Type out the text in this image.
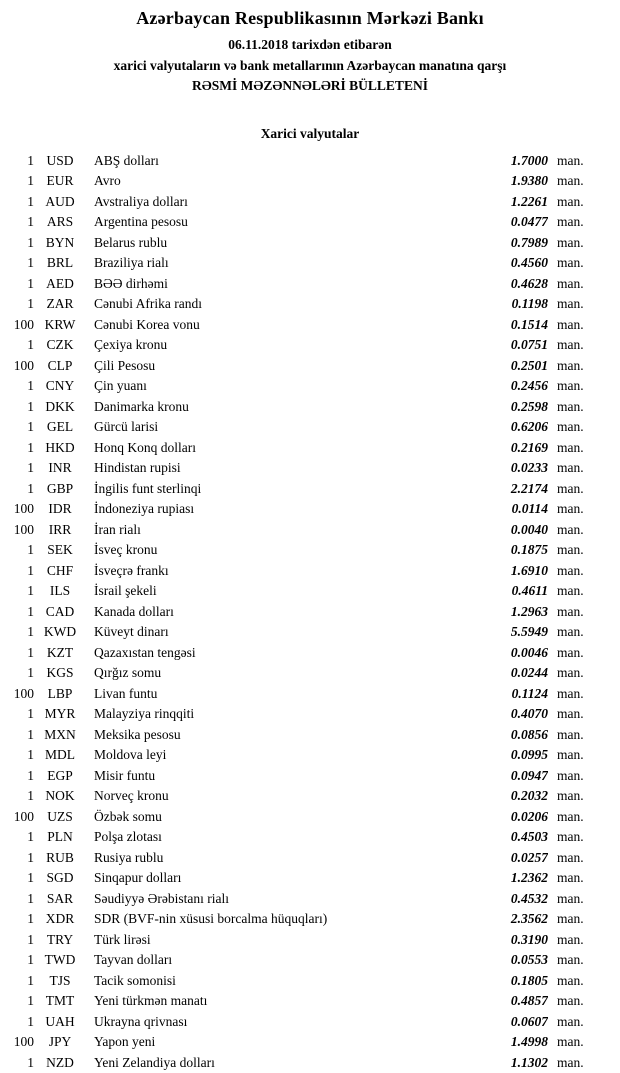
Azərbaycan Respublikasının Mərkəzi Bankı
06.11.2018 tarixdən etibarən
xarici valyutaların və bank metallarının Azərbaycan manatına qarşı
RƏSMİ MƏZƏNNƏLƏRİ BÜLLETENİ
Xarici valyutalar
1 USD	ABŞ dolları	1.7000 man.
1 EUR	Avro	1.9380 man.
1 AUD	Avstraliya dolları	1.2261 man.
1 ARS	Argentina pesosu	0.0477 man.
1 BYN	Belarus rublu	0.7989 man.
1 BRL	Braziliya rialı	0.4560 man.
1 AED	BƏƏ dirhəmi	0.4628 man.
1 ZAR	Cənubi Afrika randı	0.1198 man.
100 KRW	Cənubi Korea vonu	0.1514 man.
1 CZK	Çexiya kronu	0.0751 man.
100	CLP	Çili Pesosu	0.2501 man.
1 CNY	Çin yuanı	0.2456 man.
1 DKK	Danimarka kronu	0.2598 man.
1 GEL	Gürcü larisi	0.6206 man.
1 HKD	Honq Konq dolları	0.2169 man.
1	INR	Hindistan rupisi	0.0233 man.
1 GBP	İngilis funt sterlinqi	2.2174 man.
100	IDR	İndoneziya rupiası	0.0114 man.
100	IRR	İran rialı	0.0040 man.
1 SEK	İsveç kronu	0.1875 man.
1 CHF	İsveçrə frankı	1.6910 man.
1	ILS	İsrail şekeli	0.4611 man.
1 CAD	Kanada dolları	1.2963 man.
1 KWD	Küveyt dinarı	5.5949 man.
1 KZT	Qazaxıstan tengəsi	0.0046 man.
1 KGS	Qırğız somu	0.0244 man.
100	LBP	Livan funtu	0.1124 man.
1 MYR	Malayziya rinqqiti	0.4070 man.
1 MXN	Meksika pesosu	0.0856 man.
1 MDL	Moldova leyi	0.0995 man.
1 EGP	Misir funtu	0.0947 man.
1 NOK	Norveç kronu	0.2032 man.
100 UZS	Özbək somu	0.0206 man.
1 PLN	Polşa zlotası	0.4503 man.
1 RUB	Rusiya rublu	0.0257 man.
1 SGD	Sinqapur dolları	1.2362 man.
1 SAR	Səudiyyə Ərəbistanı rialı	0.4532 man.
1 XDR	SDR (BVF-nin xüsusi borcalma hüquqları)	2.3562 man.
1 TRY	Türk lirəsi	0.3190 man.
1 TWD	Tayvan dolları	0.0553 man.
1	TJS	Tacik somonisi	0.1805 man.
1 TMT	Yeni türkmən manatı	0.4857 man.
1 UAH	Ukrayna qrivnası	0.0607 man.
100	JPY	Yapon yeni	1.4998 man.
1 NZD	Yeni Zelandiya dolları	1.1302 man.
